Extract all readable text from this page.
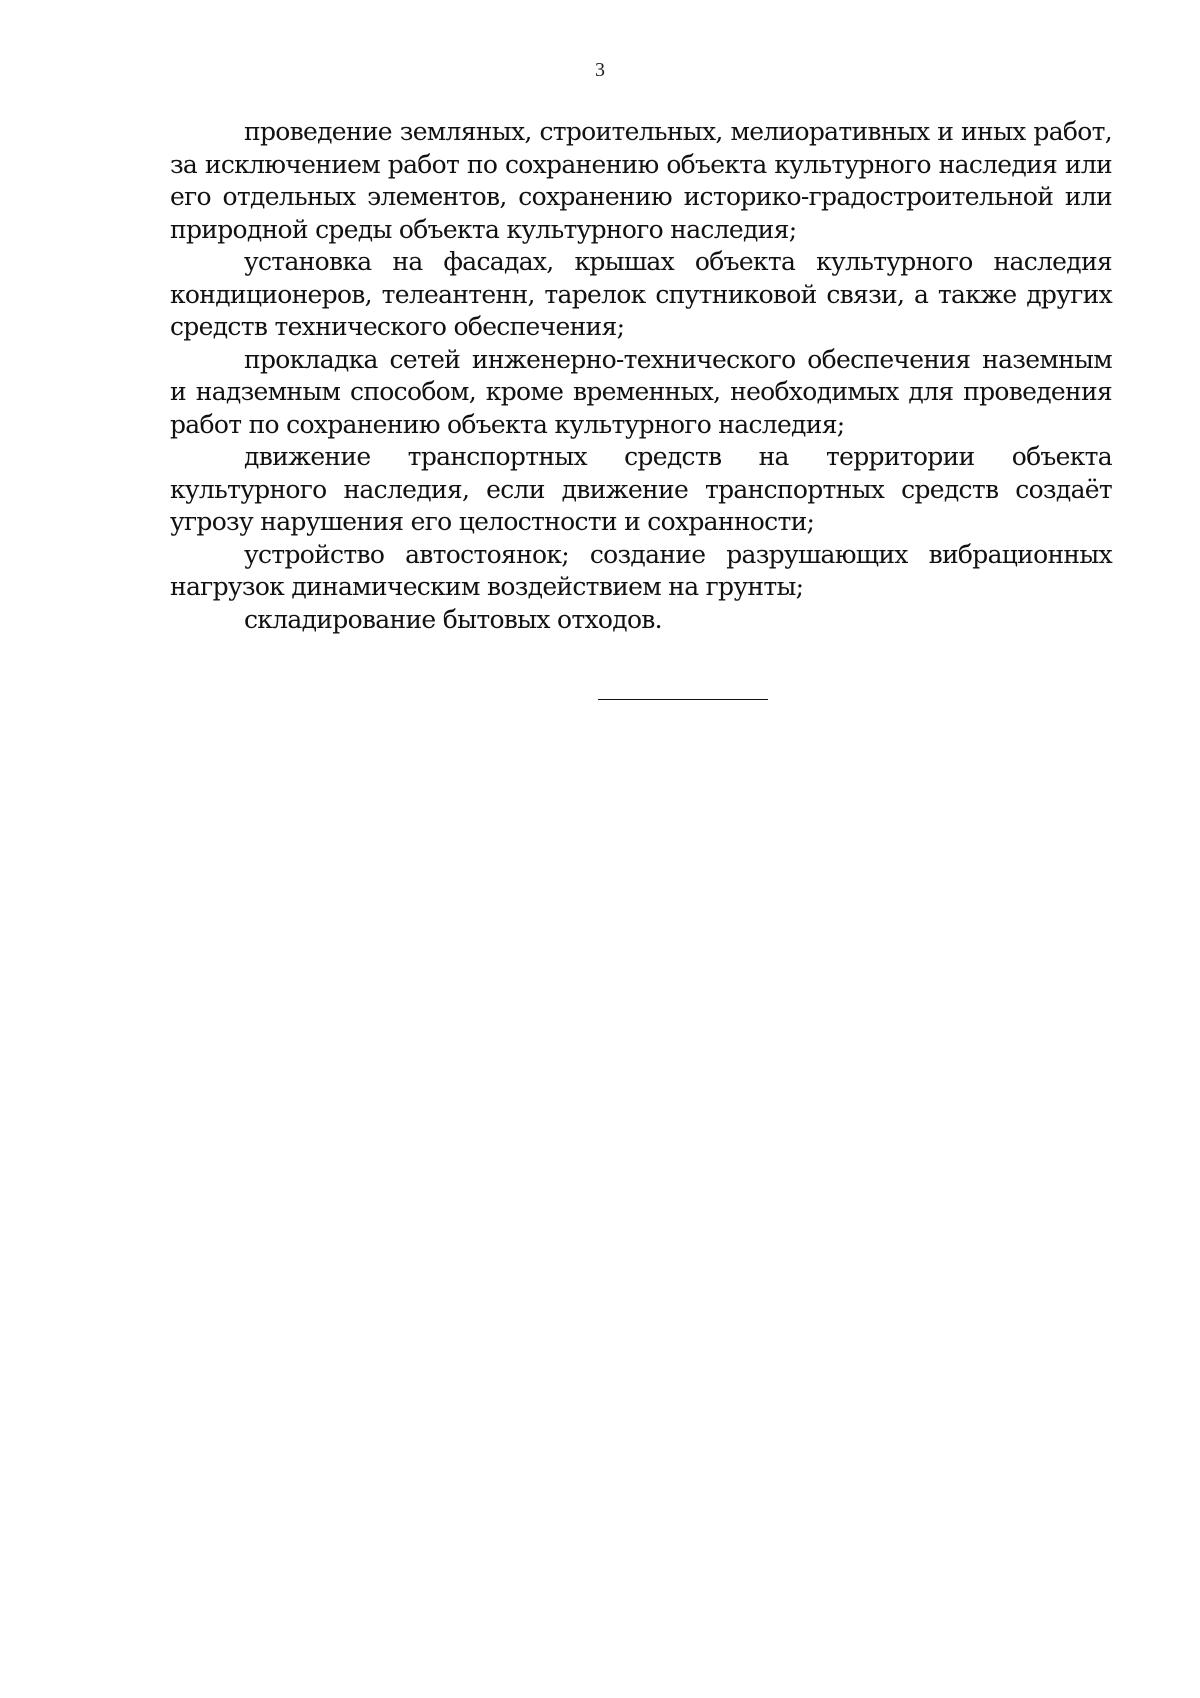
3

проведение земляных, строительных, мелиоративных и иных работ, за исключением работ по сохранению объекта культурного наследия или его отдельных элементов, сохранению историко-градостроительной или природной среды объекта культурного наследия;

установка на фасадах, крышах объекта культурного наследия кондиционеров, телеантенн, тарелок спутниковой связи, а также других средств технического обеспечения;

прокладка сетей инженерно-технического обеспечения наземным и надземным способом, кроме временных, необходимых для проведения работ по сохранению объекта культурного наследия;

движение транспортных средств на территории объекта культурного наследия, если движение транспортных средств создаёт угрозу нарушения его целостности и сохранности;

устройство автостоянок; создание разрушающих вибрационных нагрузок динамическим воздействием на грунты;

складирование бытовых отходов.
